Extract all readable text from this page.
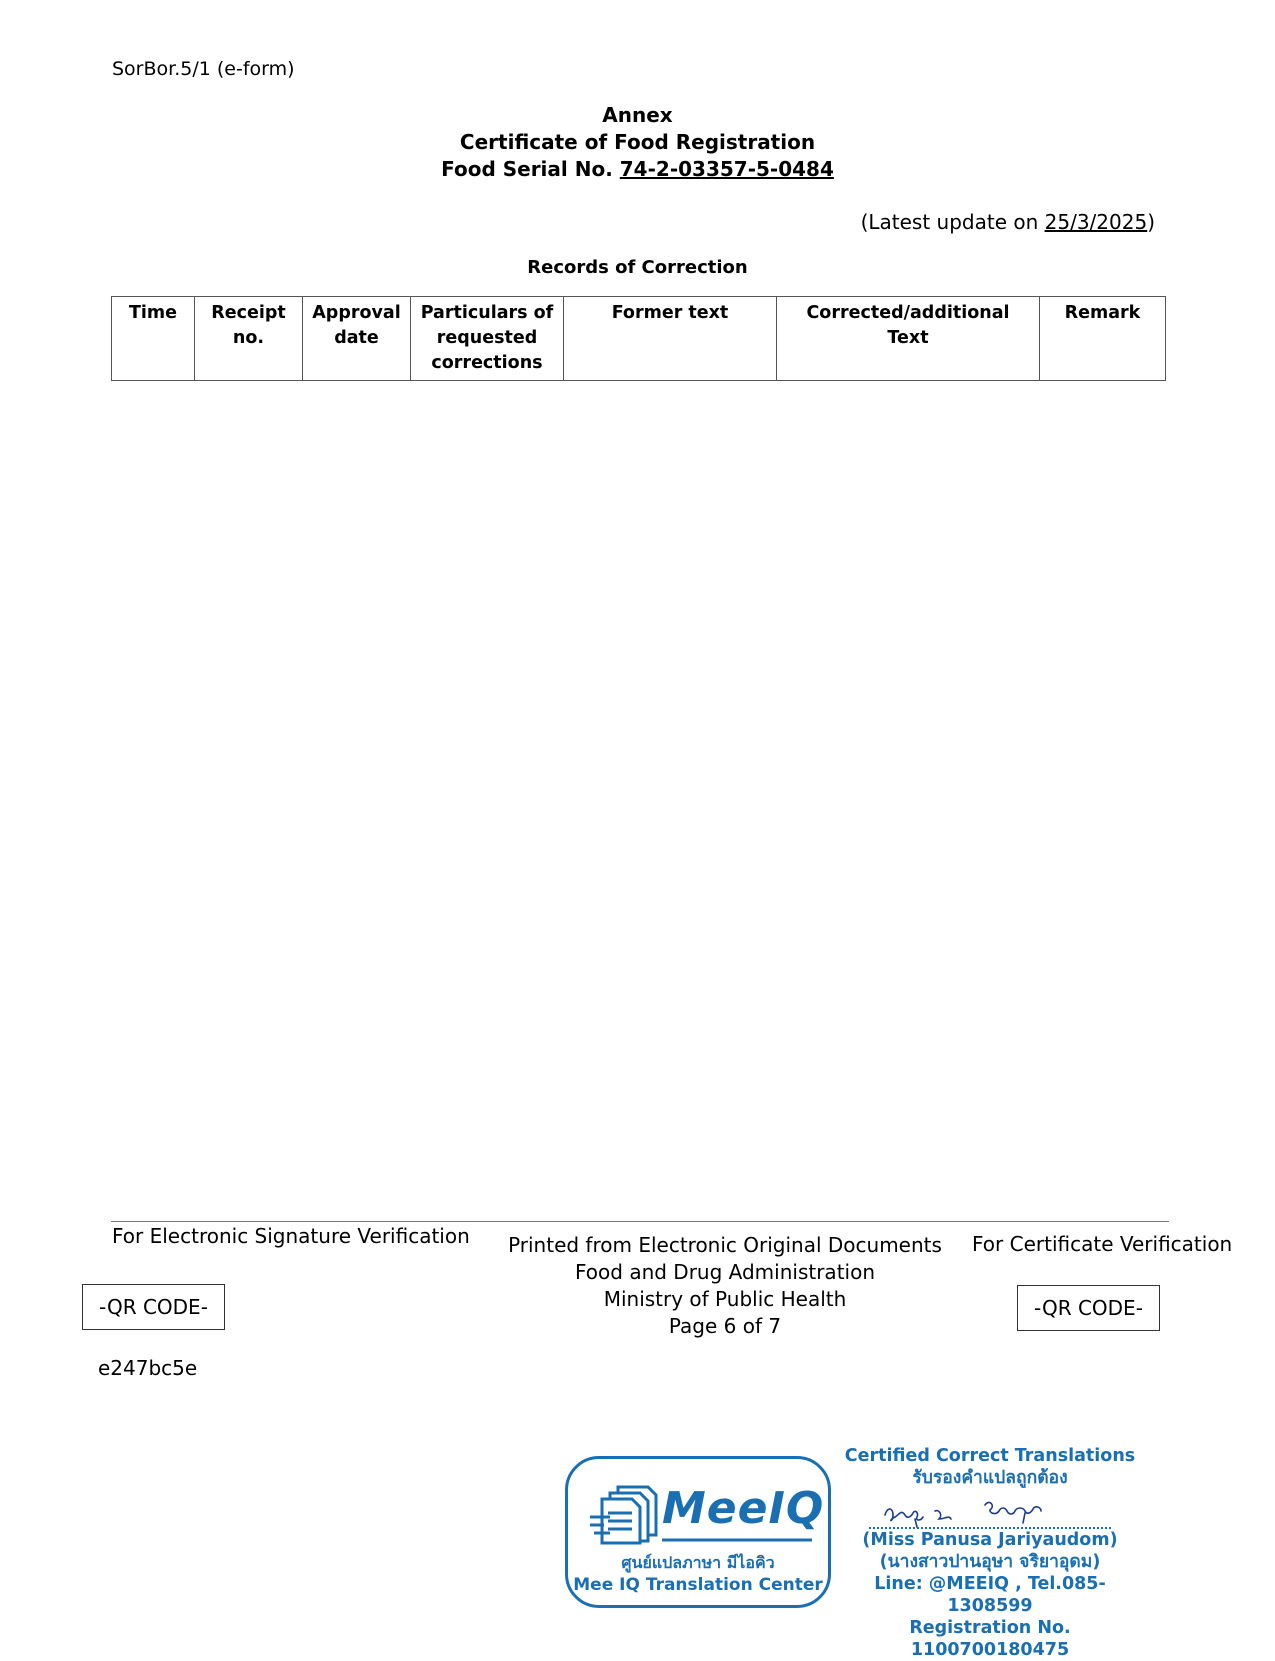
SorBor.5/1 (e-form)
Annex
Certificate of Food Registration
Food Serial No. 74-2-03357-5-0484
(Latest update on 25/3/2025)
Records of Correction
Time	Receipt no.	Approval date	Particulars of requested corrections	Former text	Corrected/additional Text	Remark
For Electronic Signature Verification
-QR CODE-
Printed from Electronic Original Documents
Food and Drug Administration
Ministry of Public Health
Page 6 of 7
For Certificate Verification
-QR CODE-
e247bc5e
MeeIQ
ศูนย์แปลภาษา มีไอคิว
Mee IQ Translation Center
Certified Correct Translations
รับรองคำแปลถูกต้อง
(Miss Panusa Jariyaudom)
(นางสาวปานอุษา จริยาอุดม)
Line: @MEEIQ , Tel.085-1308599
Registration No. 1100700180475
